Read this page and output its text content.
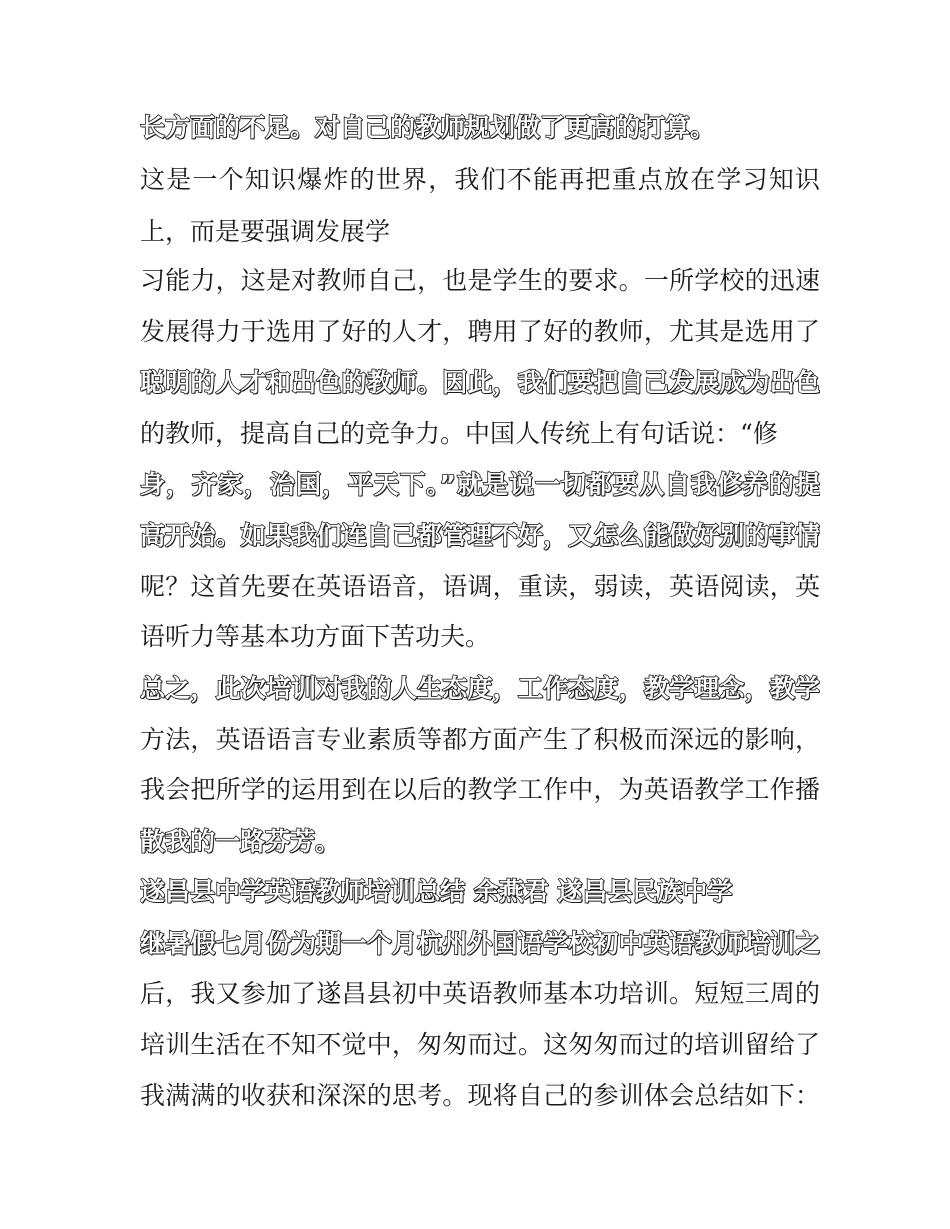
长方面的不足。对自己的教师规划做了更高的打算。
这是一个知识爆炸的世界，我们不能再把重点放在学习知识
上，而是要强调发展学
习能力，这是对教师自己，也是学生的要求。一所学校的迅速
发展得力于选用了好的人才，聘用了好的教师，尤其是选用了
聪明的人才和出色的教师。因此，我们要把自己发展成为出色
的教师，提高自己的竞争力。中国人传统上有句话说：“修
身，齐家，治国，平天下。”就是说一切都要从自我修养的提
高开始。如果我们连自己都管理不好，又怎么能做好别的事情
呢？这首先要在英语语音，语调，重读，弱读，英语阅读，英
语听力等基本功方面下苦功夫。
总之，此次培训对我的人生态度，工作态度，教学理念，教学
方法，英语语言专业素质等都方面产生了积极而深远的影响，
我会把所学的运用到在以后的教学工作中，为英语教学工作播
散我的一路芬芳。
遂昌县中学英语教师培训总结 余燕君 遂昌县民族中学
继暑假七月份为期一个月杭州外国语学校初中英语教师培训之
后，我又参加了遂昌县初中英语教师基本功培训。短短三周的
培训生活在不知不觉中，匆匆而过。这匆匆而过的培训留给了
我满满的收获和深深的思考。现将自己的参训体会总结如下：
